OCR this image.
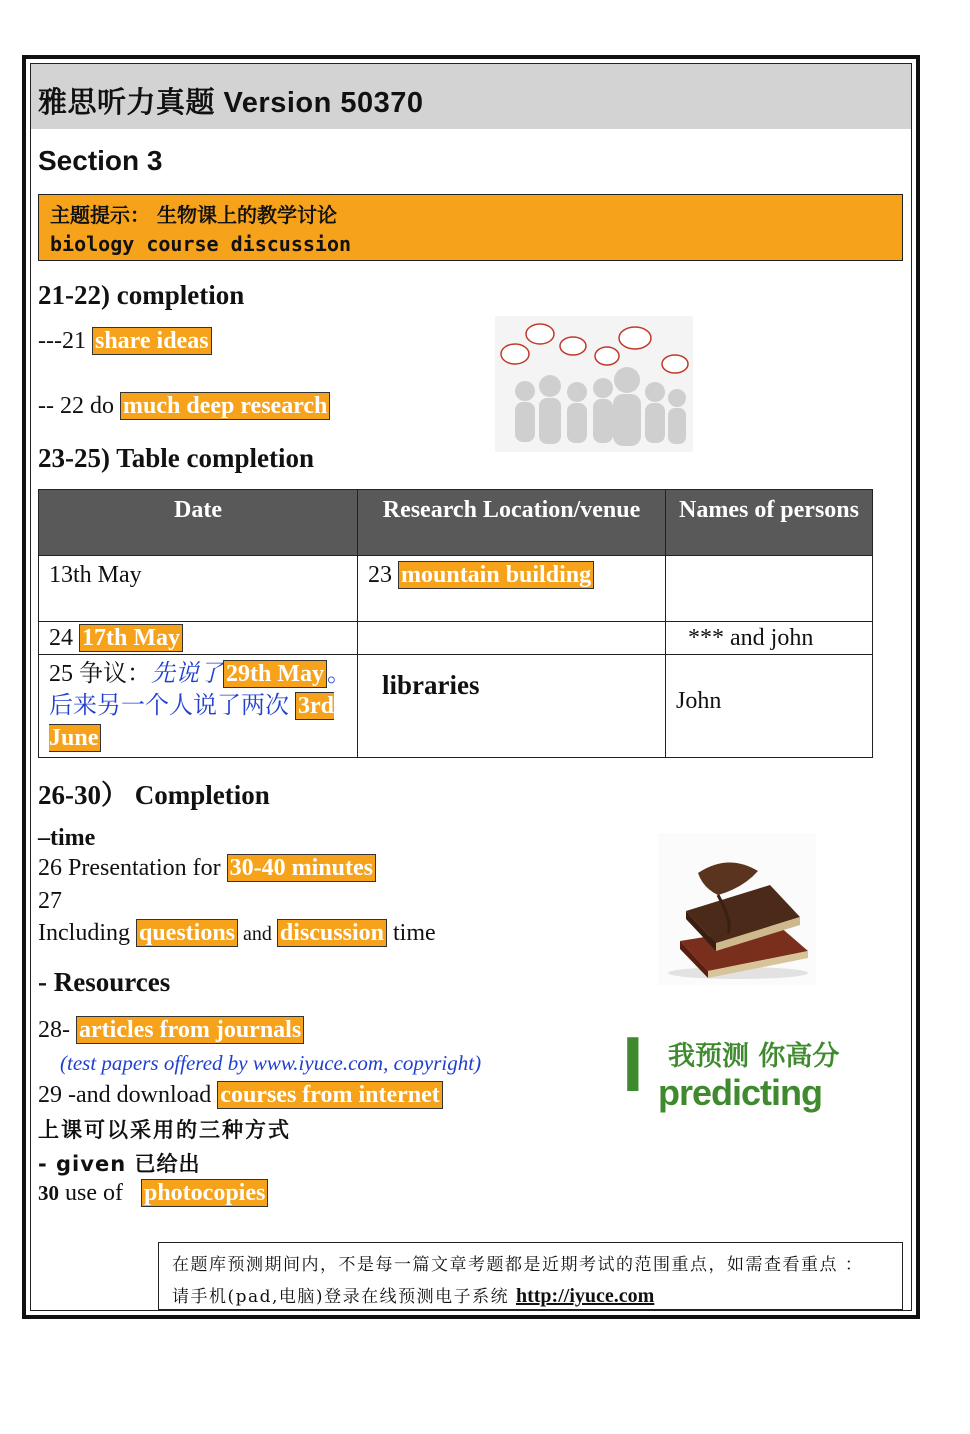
雅思听力真题 Version 50370
Section 3
主题提示： 生物课上的教学讨论
biology course discussion
21-22) completion
---21 share ideas
-- 22 do much deep research
23-25) Table completion
Date	Research Location/venue	Names of persons
13th May	23 mountain building	
24 17th May		*** and john
25 争议：先说了 29th May 。后来另一个人说了两次 3rd June	libraries	John
26-30） Completion
–time
26 Presentation for 30-40 minutes
27
Including questions and discussion time
- Resources
28- articles from journals
(test papers offered by www.iyuce.com, copyright)
29 -and download courses from internet
上课可以采用的三种方式
- given 已给出
30 use of   photocopies
I 我预测 你高分
predicting
在题库预测期间内，不是每一篇文章考题都是近期考试的范围重点，如需查看重点 ：
请手机(pad,电脑)登录在线预测电子系统 http://iyuce.com
